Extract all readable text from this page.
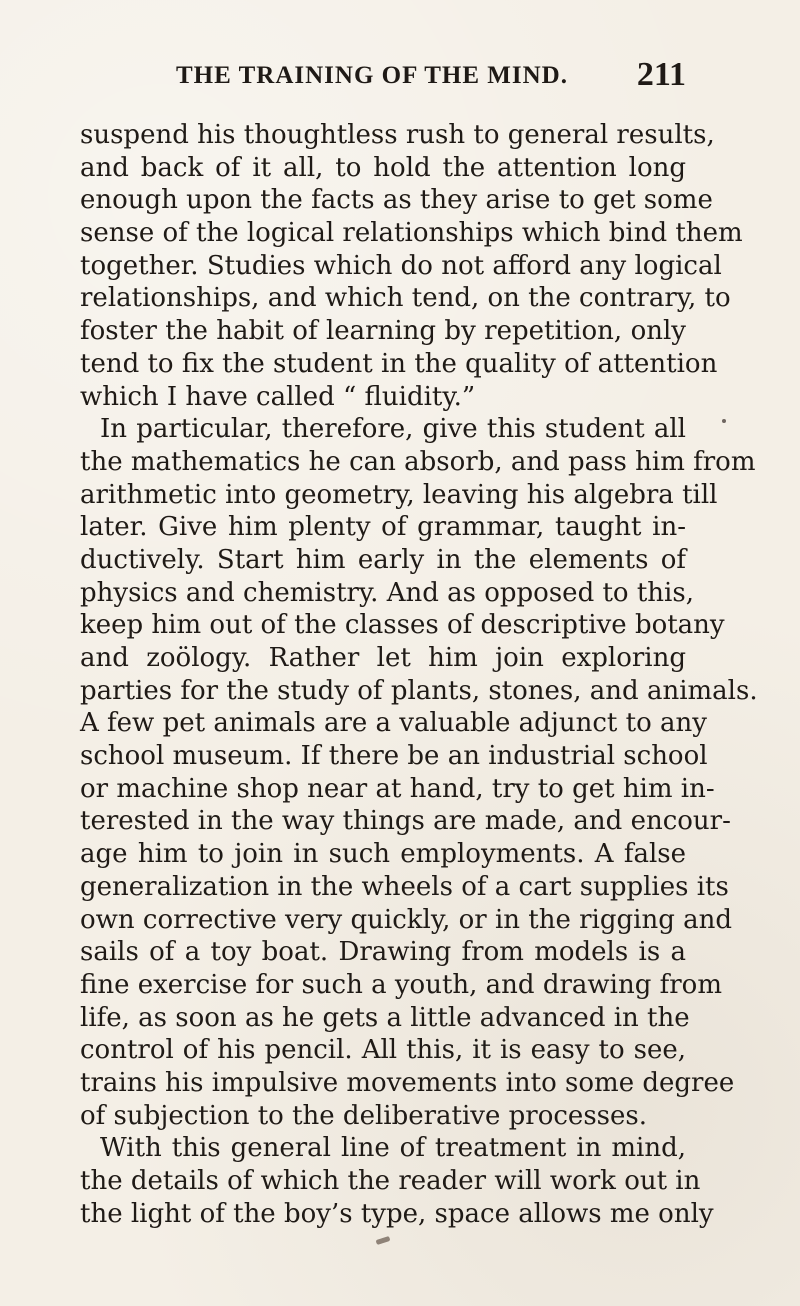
THE TRAINING OF THE MIND. 211
suspend his thoughtless rush to general results,
and back of it all, to hold the attention long
enough upon the facts as they arise to get some
sense of the logical relationships which bind them
together. Studies which do not afford any logical
relationships, and which tend, on the contrary, to
foster the habit of learning by repetition, only
tend to fix the student in the quality of attention
which I have called “ fluidity.”
In particular, therefore, give this student all
the mathematics he can absorb, and pass him from
arithmetic into geometry, leaving his algebra till
later. Give him plenty of grammar, taught in-
ductively. Start him early in the elements of
physics and chemistry. And as opposed to this,
keep him out of the classes of descriptive botany
and zoölogy. Rather let him join exploring
parties for the study of plants, stones, and animals.
A few pet animals are a valuable adjunct to any
school museum. If there be an industrial school
or machine shop near at hand, try to get him in-
terested in the way things are made, and encour-
age him to join in such employments. A false
generalization in the wheels of a cart supplies its
own corrective very quickly, or in the rigging and
sails of a toy boat. Drawing from models is a
fine exercise for such a youth, and drawing from
life, as soon as he gets a little advanced in the
control of his pencil. All this, it is easy to see,
trains his impulsive movements into some degree
of subjection to the deliberative processes.
With this general line of treatment in mind,
the details of which the reader will work out in
the light of the boy’s type, space allows me only
